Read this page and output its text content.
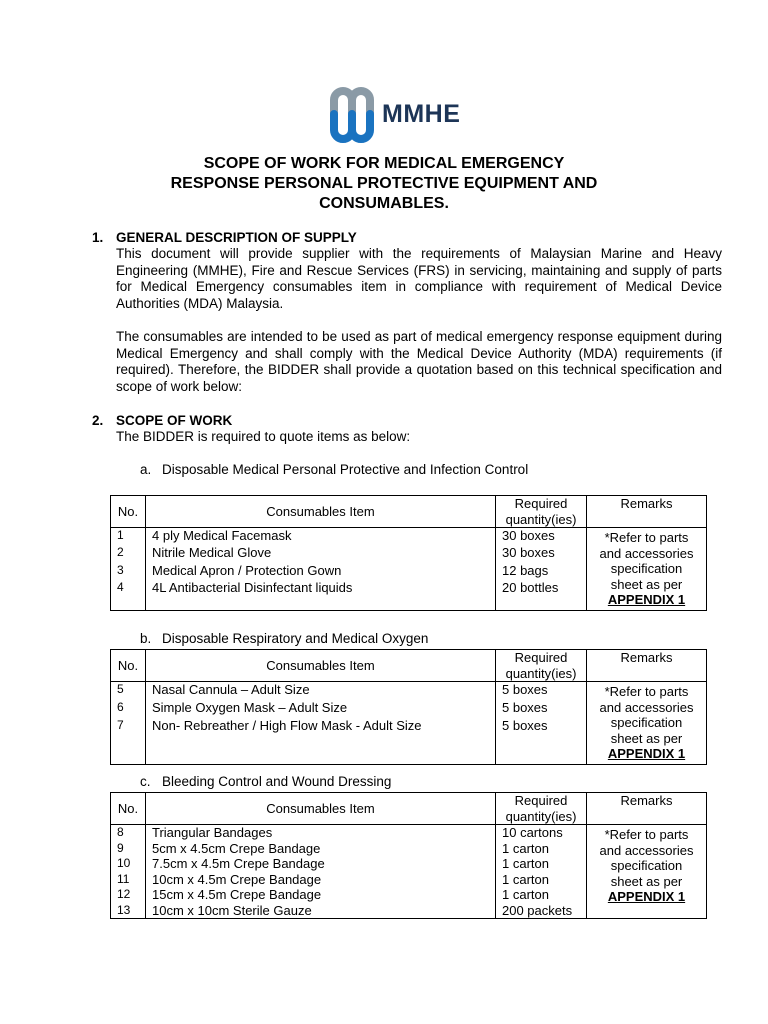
MMHE
SCOPE OF WORK FOR MEDICAL EMERGENCY
RESPONSE PERSONAL PROTECTIVE EQUIPMENT AND
CONSUMABLES.
1. GENERAL DESCRIPTION OF SUPPLY
This document will provide supplier with the requirements of Malaysian Marine and Heavy Engineering (MMHE), Fire and Rescue Services (FRS) in servicing, maintaining and supply of parts for Medical Emergency consumables item in compliance with requirement of Medical Device Authorities (MDA) Malaysia.
The consumables are intended to be used as part of medical emergency response equipment during Medical Emergency and shall comply with the Medical Device Authority (MDA) requirements (if required). Therefore, the BIDDER shall provide a quotation based on this technical specification and scope of work below:
2. SCOPE OF WORK
The BIDDER is required to quote items as below:
a. Disposable Medical Personal Protective and Infection Control
No.	Consumables Item	Required
quantity(ies)	Remarks
1	4 ply Medical Facemask	30 boxes	*Refer to parts
and accessories
specification
sheet as per
APPENDIX 1
2	Nitrile Medical Glove	30 boxes	
3	Medical Apron / Protection Gown	12 bags	
4	4L Antibacterial Disinfectant liquids	20 bottles	
b. Disposable Respiratory and Medical Oxygen
No.	Consumables Item	Required
quantity(ies)	Remarks
5	Nasal Cannula – Adult Size	5 boxes	*Refer to parts
and accessories
specification
sheet as per
APPENDIX 1
6	Simple Oxygen Mask – Adult Size	5 boxes	
7	Non- Rebreather / High Flow Mask - Adult Size	5 boxes	
c. Bleeding Control and Wound Dressing
No.	Consumables Item	Required
quantity(ies)	Remarks
8	Triangular Bandages	10 cartons	*Refer to parts
and accessories
specification
sheet as per
APPENDIX 1
9	5cm x 4.5cm Crepe Bandage	1 carton	
10	7.5cm x 4.5m Crepe Bandage	1 carton	
11	10cm x 4.5m Crepe Bandage	1 carton	
12	15cm x 4.5m Crepe Bandage	1 carton	
13	10cm x 10cm Sterile Gauze	200 packets	
